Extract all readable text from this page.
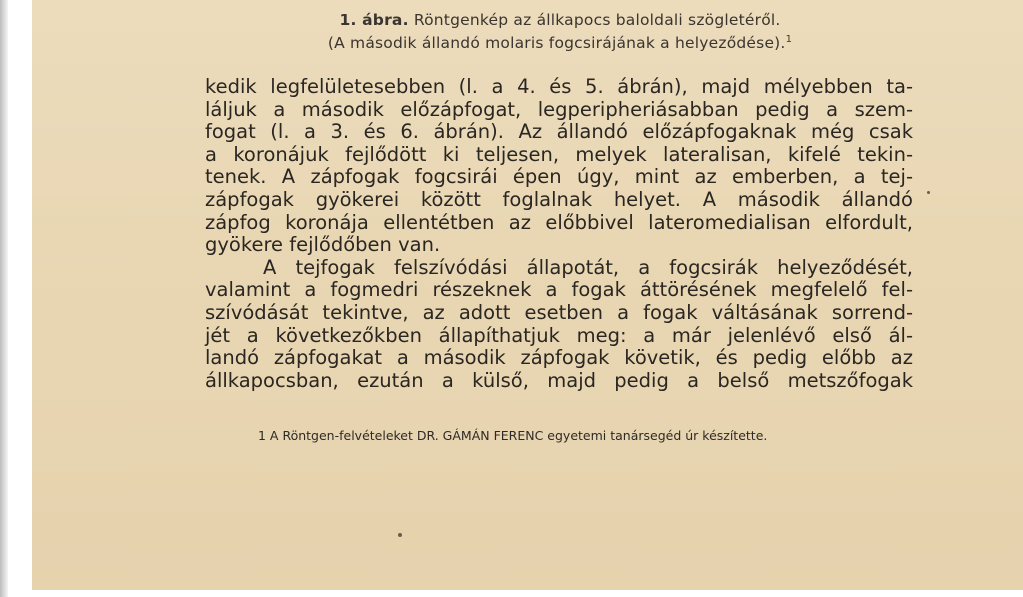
1. ábra. Röntgenkép az állkapocs baloldali szögletéről.
(A második állandó molaris fogcsirájának a helyeződése).$^1$
kedik legfelületesebben (l. a 4. és 5. ábrán), majd mélyebben ta-
láljuk a második előzápfogat, legperipheriásabban pedig a szem-
fogat (l. a 3. és 6. ábrán). Az állandó előzápfogaknak még csak
a koronájuk fejlődött ki teljesen, melyek lateralisan, kifelé tekin-
tenek. A zápfogak fogcsirái épen úgy, mint az emberben, a tej-
zápfogak gyökerei között foglalnak helyet. A második állandó
zápfog koronája ellentétben az előbbivel lateromedialisan elfordult,
gyökere fejlődőben van.
A tejfogak felszívódási állapotát, a fogcsirák helyeződését,
valamint a fogmedri részeknek a fogak áttörésének megfelelő fel-
szívódását tekintve, az adott esetben a fogak váltásának sorrend-
jét a következőkben állapíthatjuk meg: a már jelenlévő első ál-
landó zápfogakat a második zápfogak követik, és pedig előbb az
állkapocsban, ezután a külső, majd pedig a belső metszőfogak
1 A Röntgen-felvételeket DR. GÁMÁN FERENC egyetemi tanársegéd úr készítette.
